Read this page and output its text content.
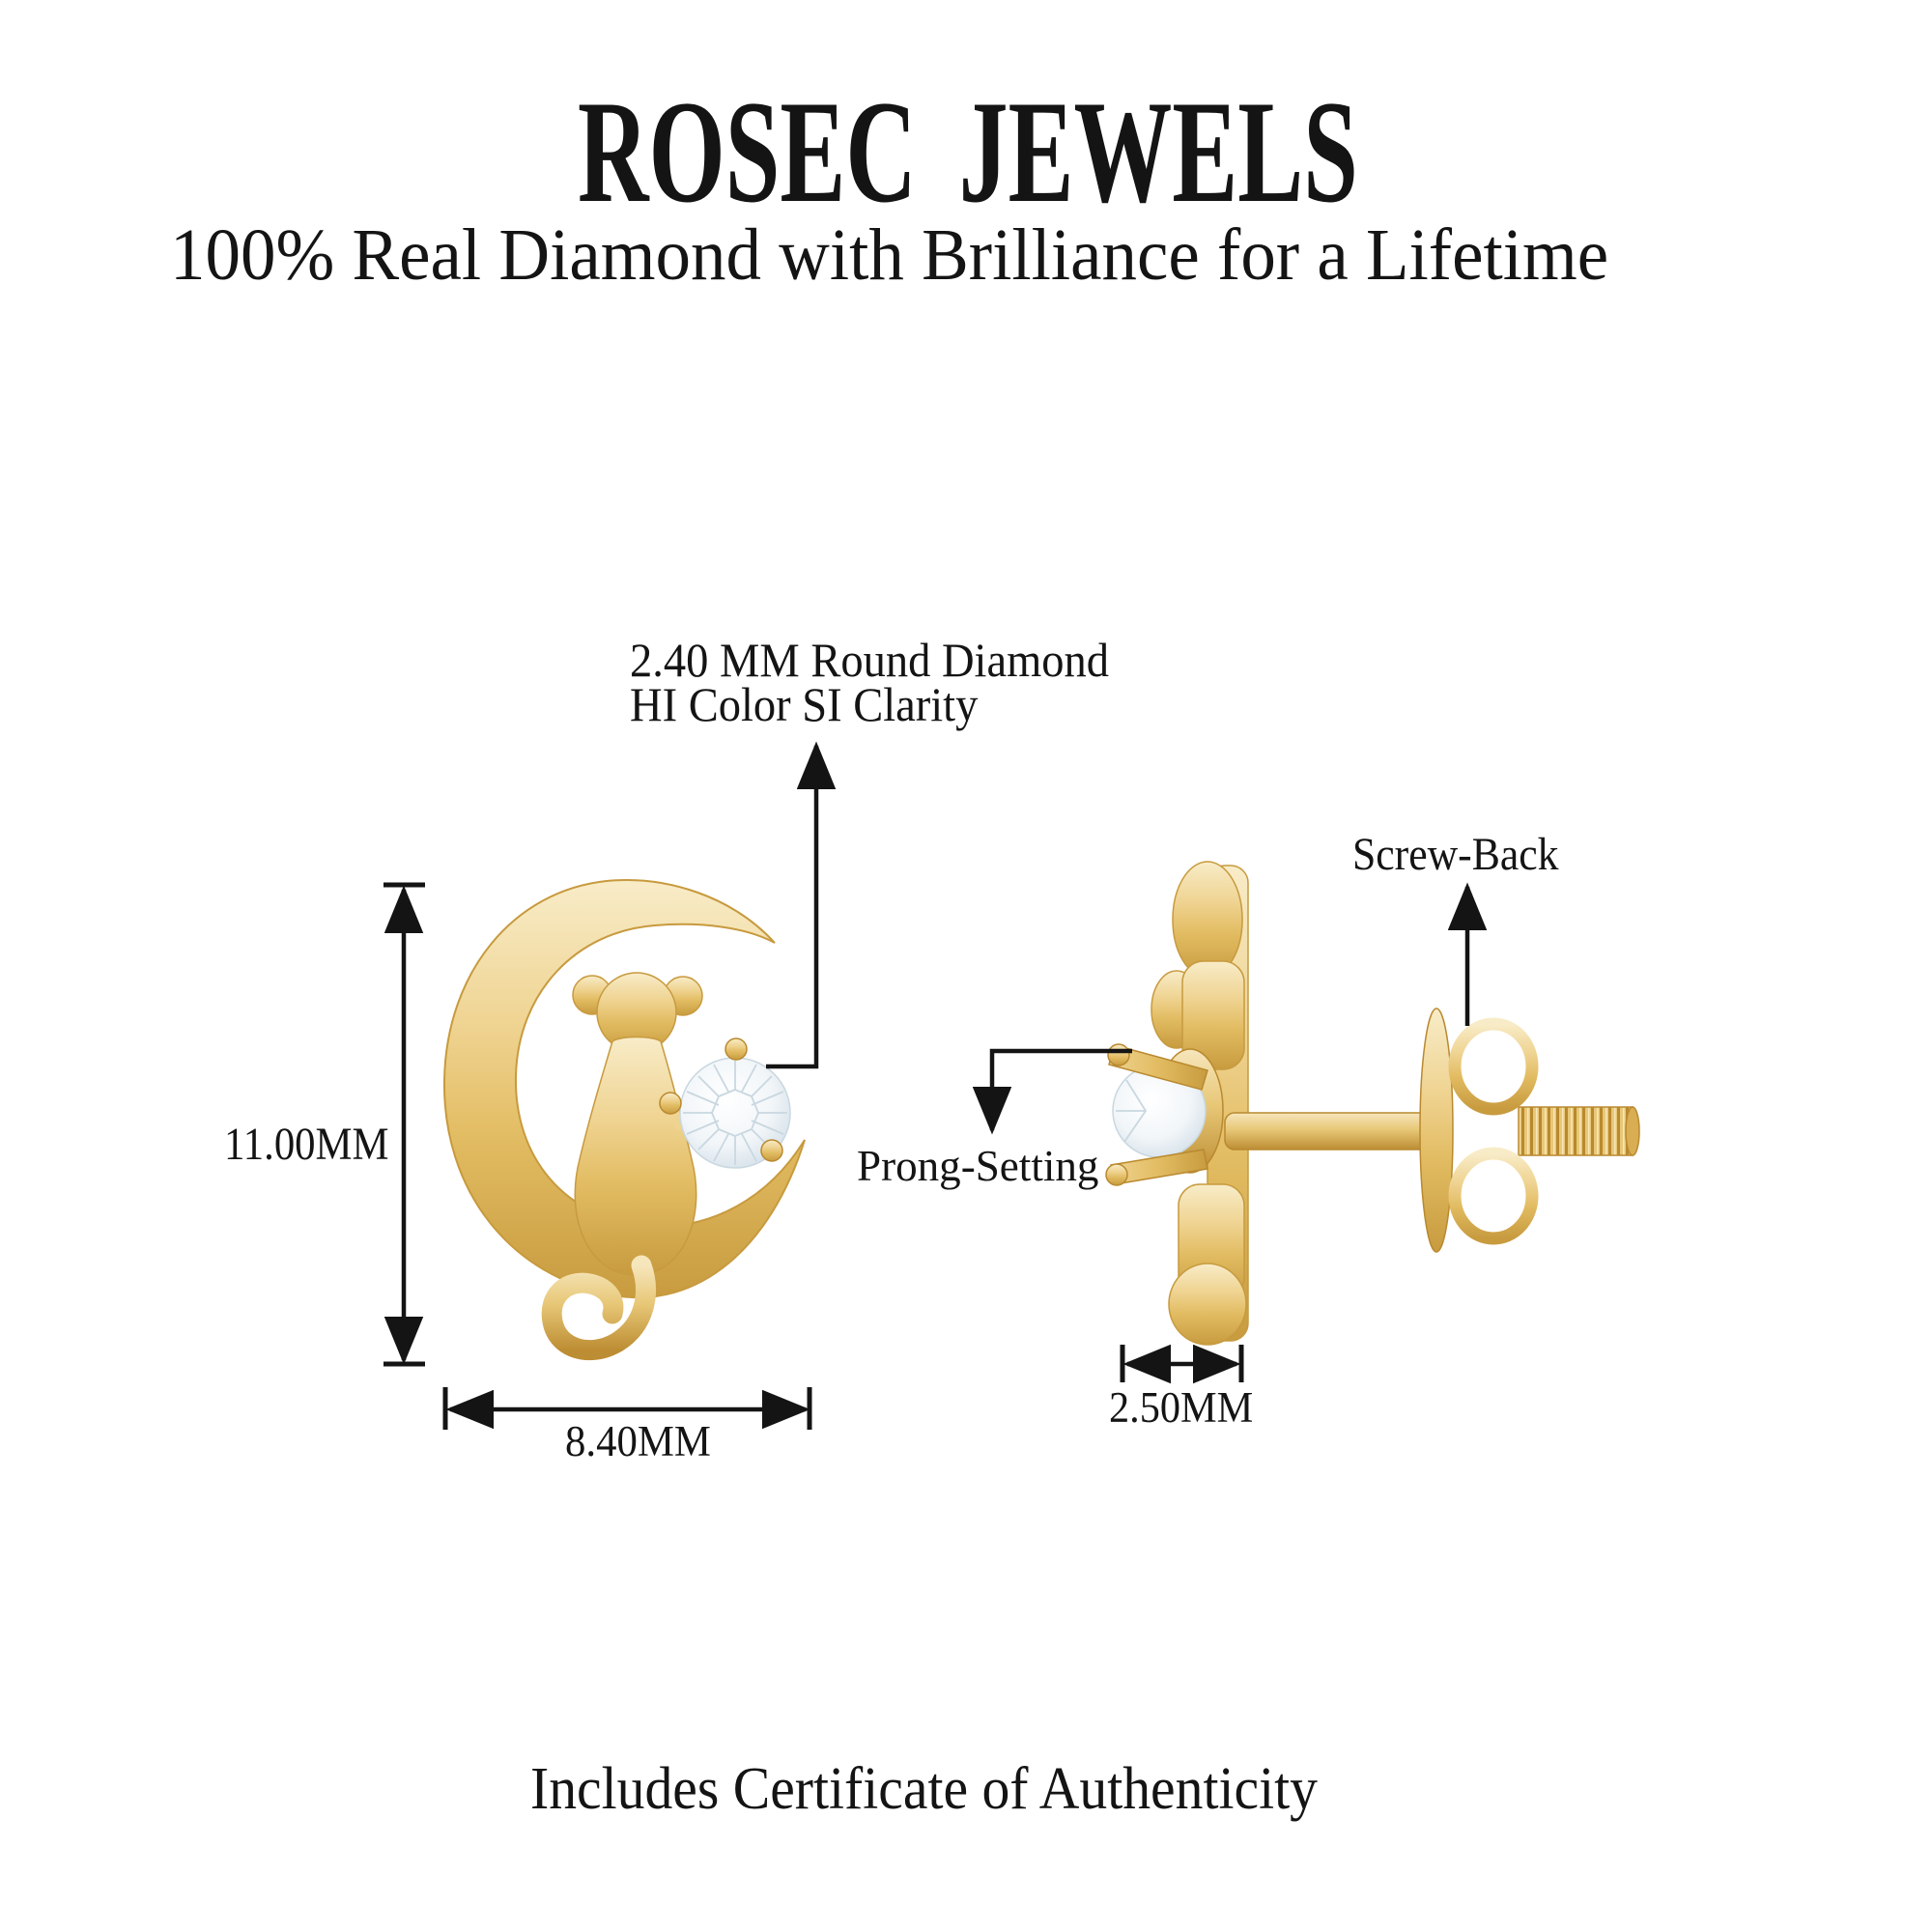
ROSEC JEWELS
100% Real Diamond with Brilliance for a Lifetime
2.40 MM Round Diamond
HI Color SI Clarity
Screw-Back
Prong-Setting
11.00MM
8.40MM
2.50MM
Includes Certificate of Authenticity
